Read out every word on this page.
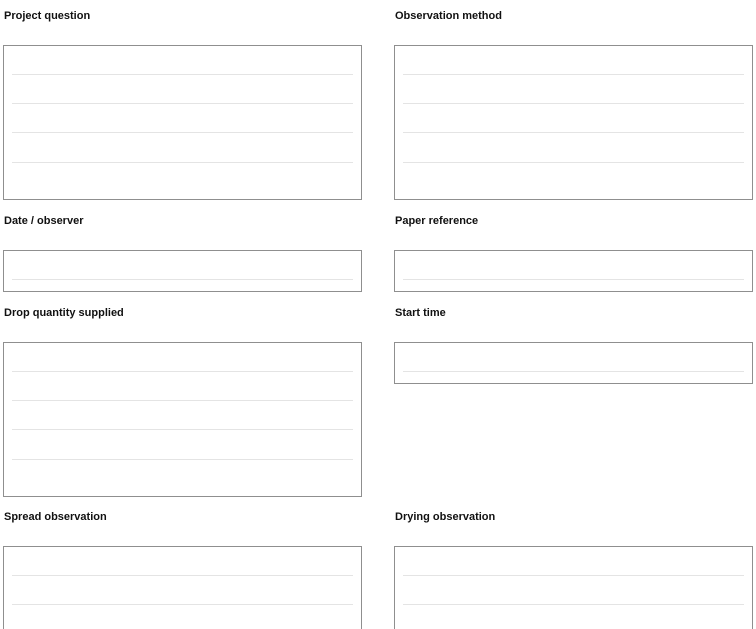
Project question	Observation method
Date / observer	Paper reference
Drop quantity supplied	Start time
Spread observation	Drying observation
